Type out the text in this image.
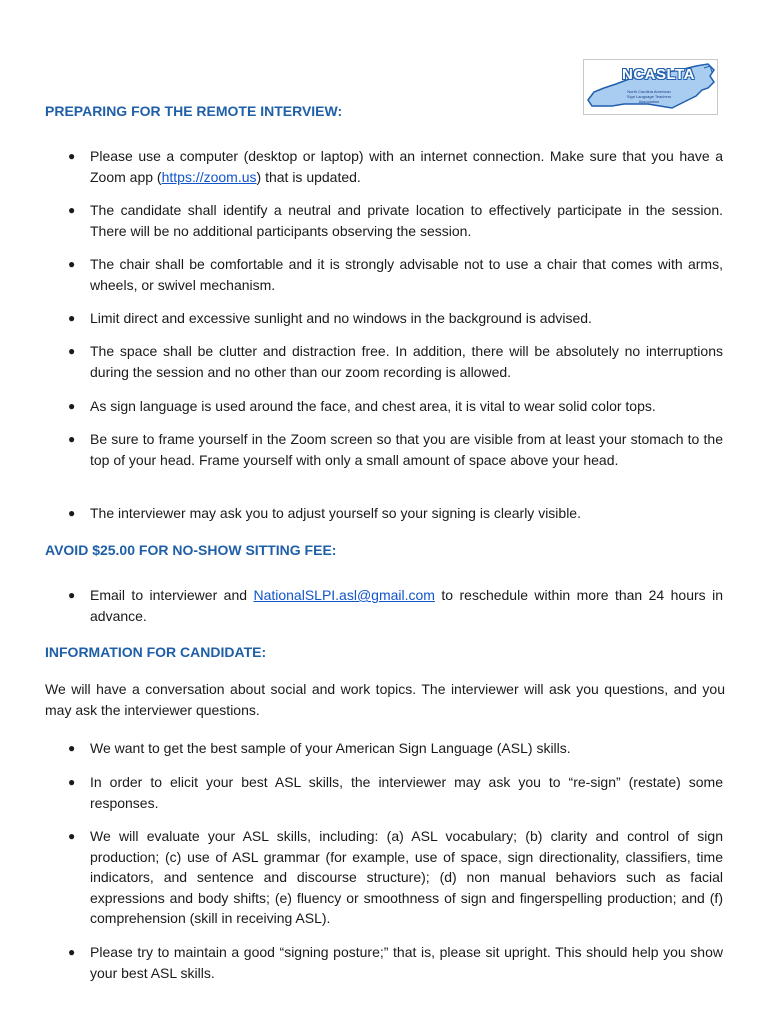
NCASLTA
North Carolina American Sign Language Teachers Association
PREPARING FOR THE REMOTE INTERVIEW:
● Please use a computer (desktop or laptop) with an internet connection. Make sure that you have a Zoom app (https://zoom.us) that is updated.
● The candidate shall identify a neutral and private location to effectively participate in the session. There will be no additional participants observing the session.
● The chair shall be comfortable and it is strongly advisable not to use a chair that comes with arms, wheels, or swivel mechanism.
● Limit direct and excessive sunlight and no windows in the background is advised.
● The space shall be clutter and distraction free. In addition, there will be absolutely no interruptions during the session and no other than our zoom recording is allowed.
● As sign language is used around the face, and chest area, it is vital to wear solid color tops.
● Be sure to frame yourself in the Zoom screen so that you are visible from at least your stomach to the top of your head. Frame yourself with only a small amount of space above your head.
● The interviewer may ask you to adjust yourself so your signing is clearly visible.
AVOID $25.00 FOR NO-SHOW SITTING FEE:
● Email to interviewer and NationalSLPI.asl@gmail.com to reschedule within more than 24 hours in advance.
INFORMATION FOR CANDIDATE:

We will have a conversation about social and work topics. The interviewer will ask you questions, and you may ask the interviewer questions.

● We want to get the best sample of your American Sign Language (ASL) skills.
● In order to elicit your best ASL skills, the interviewer may ask you to “re-sign” (restate) some responses.
● We will evaluate your ASL skills, including: (a) ASL vocabulary; (b) clarity and control of sign production; (c) use of ASL grammar (for example, use of space, sign directionality, classifiers, time indicators, and sentence and discourse structure); (d) non manual behaviors such as facial expressions and body shifts; (e) fluency or smoothness of sign and fingerspelling production; and (f) comprehension (skill in receiving ASL).
● Please try to maintain a good “signing posture;” that is, please sit upright. This should help you show your best ASL skills.
